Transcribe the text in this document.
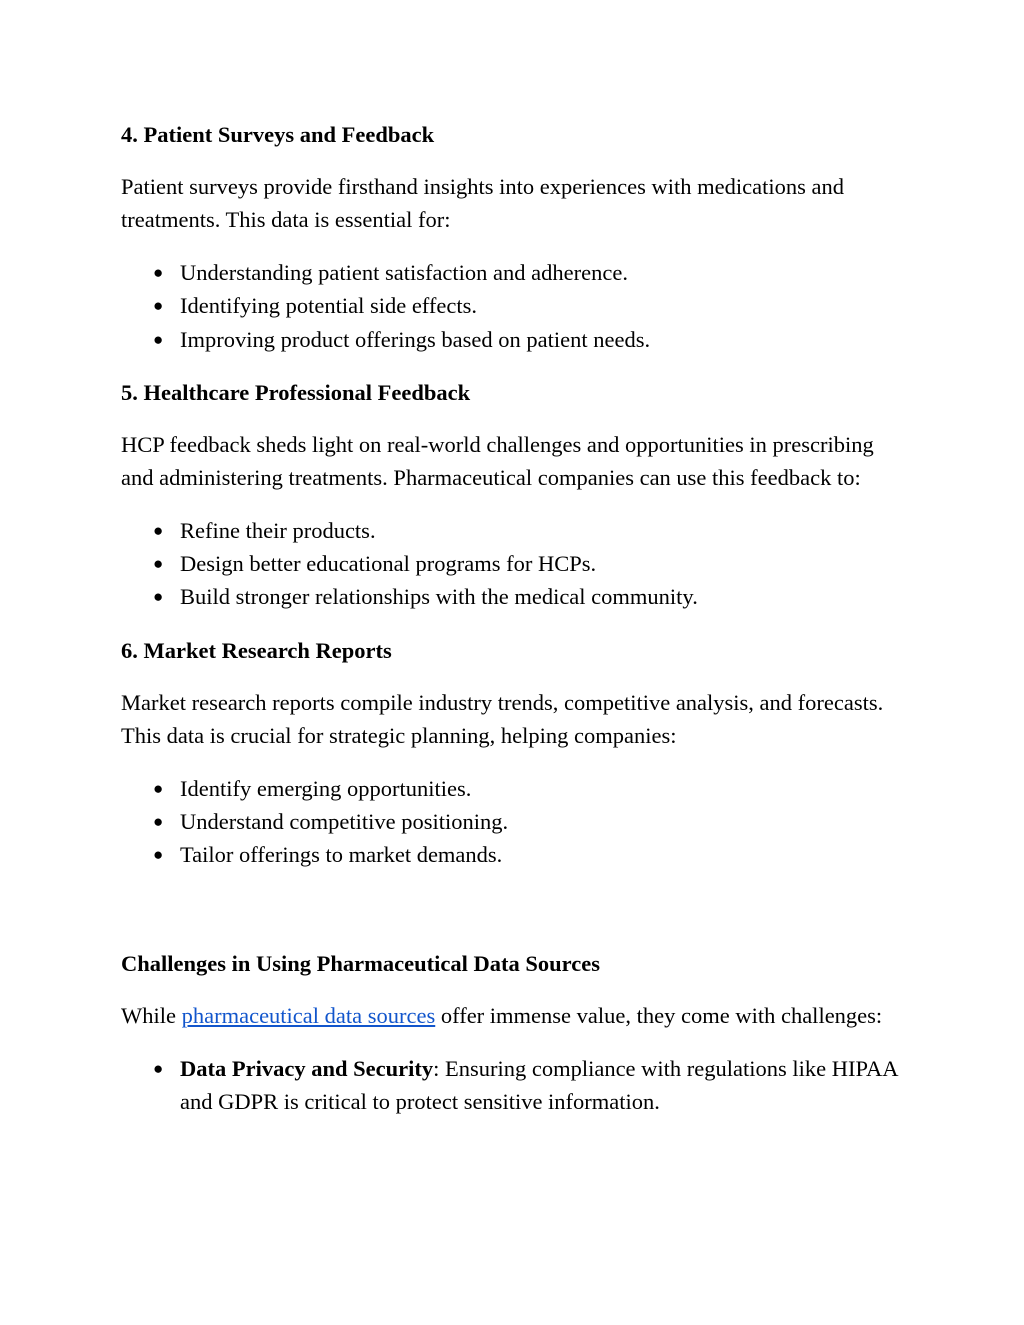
4. Patient Surveys and Feedback

Patient surveys provide firsthand insights into experiences with medications and treatments. This data is essential for:

● Understanding patient satisfaction and adherence.
● Identifying potential side effects.
● Improving product offerings based on patient needs.
5. Healthcare Professional Feedback

HCP feedback sheds light on real-world challenges and opportunities in prescribing and administering treatments. Pharmaceutical companies can use this feedback to:

● Refine their products.
● Design better educational programs for HCPs.
● Build stronger relationships with the medical community.
6. Market Research Reports

Market research reports compile industry trends, competitive analysis, and forecasts. This data is crucial for strategic planning, helping companies:

● Identify emerging opportunities.
● Understand competitive positioning.
● Tailor offerings to market demands.
Challenges in Using Pharmaceutical Data Sources

While pharmaceutical data sources offer immense value, they come with challenges:

● Data Privacy and Security: Ensuring compliance with regulations like HIPAA and GDPR is critical to protect sensitive information.
